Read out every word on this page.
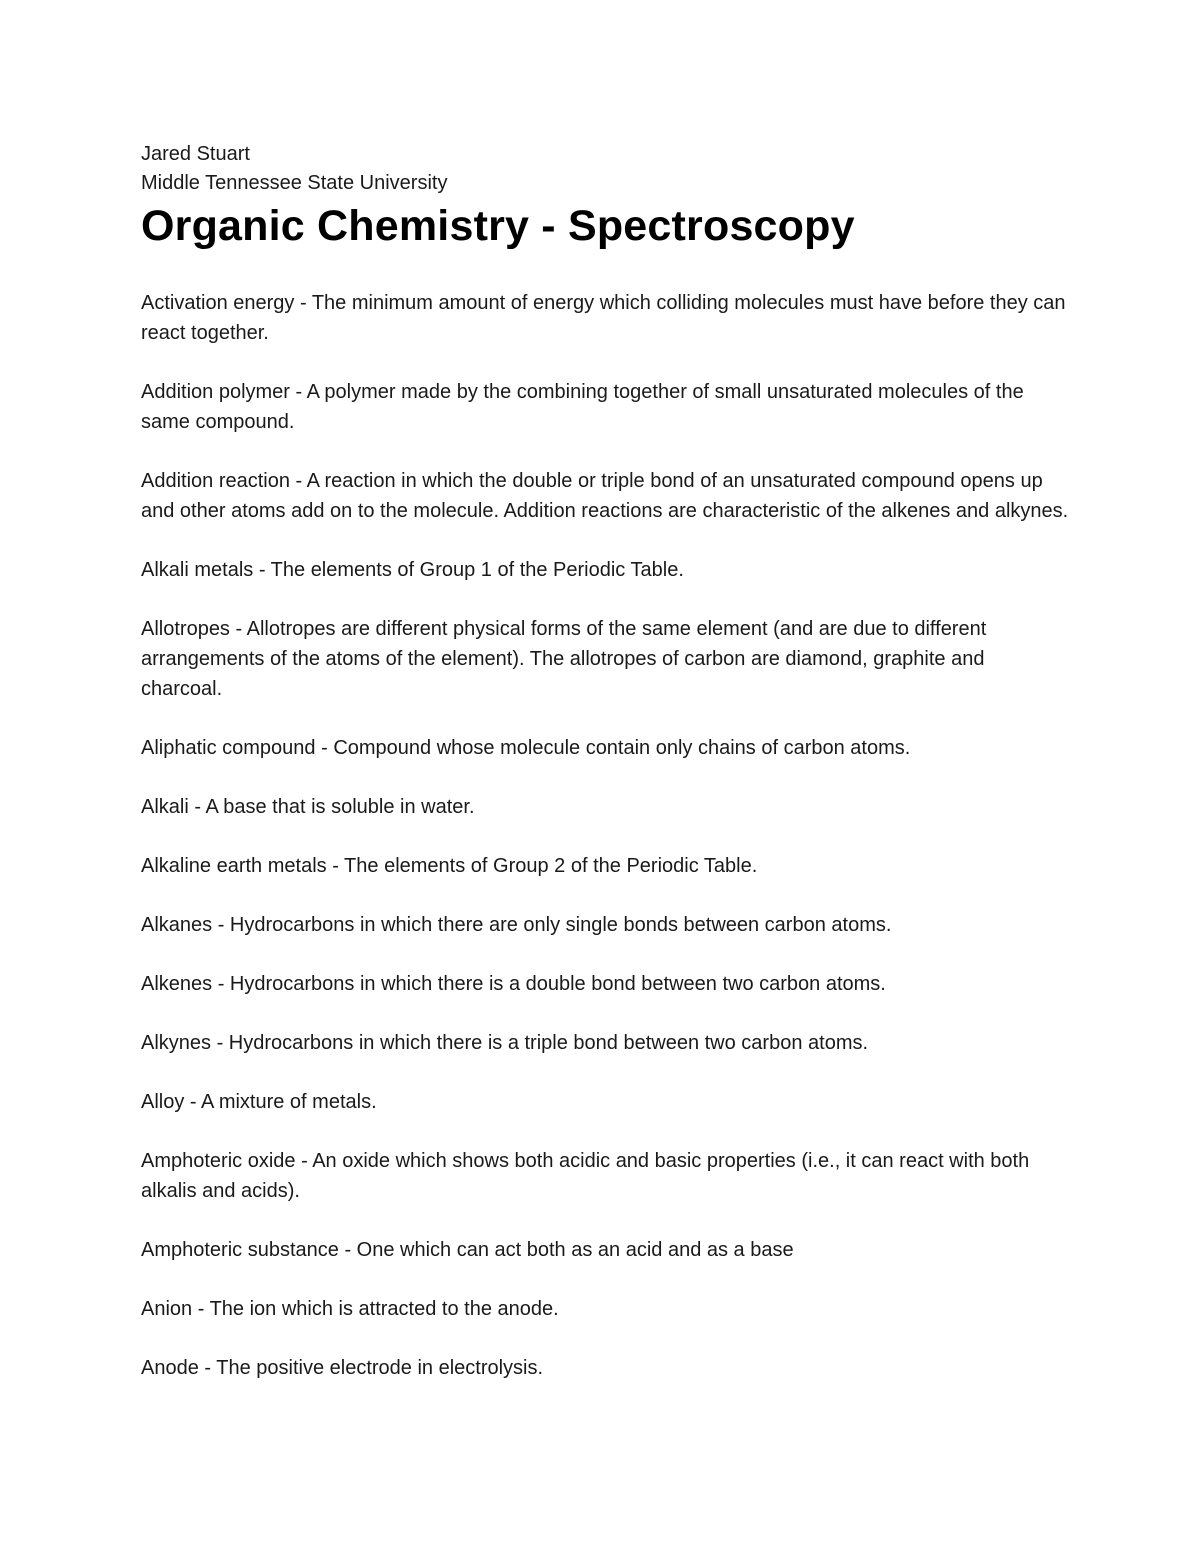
Jared Stuart

Middle Tennessee State University

Organic Chemistry - Spectroscopy
Activation energy - The minimum amount of energy which colliding molecules must have before they can react together.
Addition polymer - A polymer made by the combining together of small unsaturated molecules of the same compound.
Addition reaction - A reaction in which the double or triple bond of an unsaturated compound opens up and other atoms add on to the molecule. Addition reactions are characteristic of the alkenes and alkynes.
Alkali metals - The elements of Group 1 of the Periodic Table.
Allotropes - Allotropes are different physical forms of the same element (and are due to different arrangements of the atoms of the element). The allotropes of carbon are diamond, graphite and charcoal.
Aliphatic compound - Compound whose molecule contain only chains of carbon atoms.
Alkali - A base that is soluble in water.
Alkaline earth metals - The elements of Group 2 of the Periodic Table.
Alkanes - Hydrocarbons in which there are only single bonds between carbon atoms.
Alkenes - Hydrocarbons in which there is a double bond between two carbon atoms.
Alkynes - Hydrocarbons in which there is a triple bond between two carbon atoms.
Alloy - A mixture of metals.
Amphoteric oxide - An oxide which shows both acidic and basic properties (i.e., it can react with both alkalis and acids).
Amphoteric substance - One which can act both as an acid and as a base
Anion - The ion which is attracted to the anode.
Anode - The positive electrode in electrolysis.
